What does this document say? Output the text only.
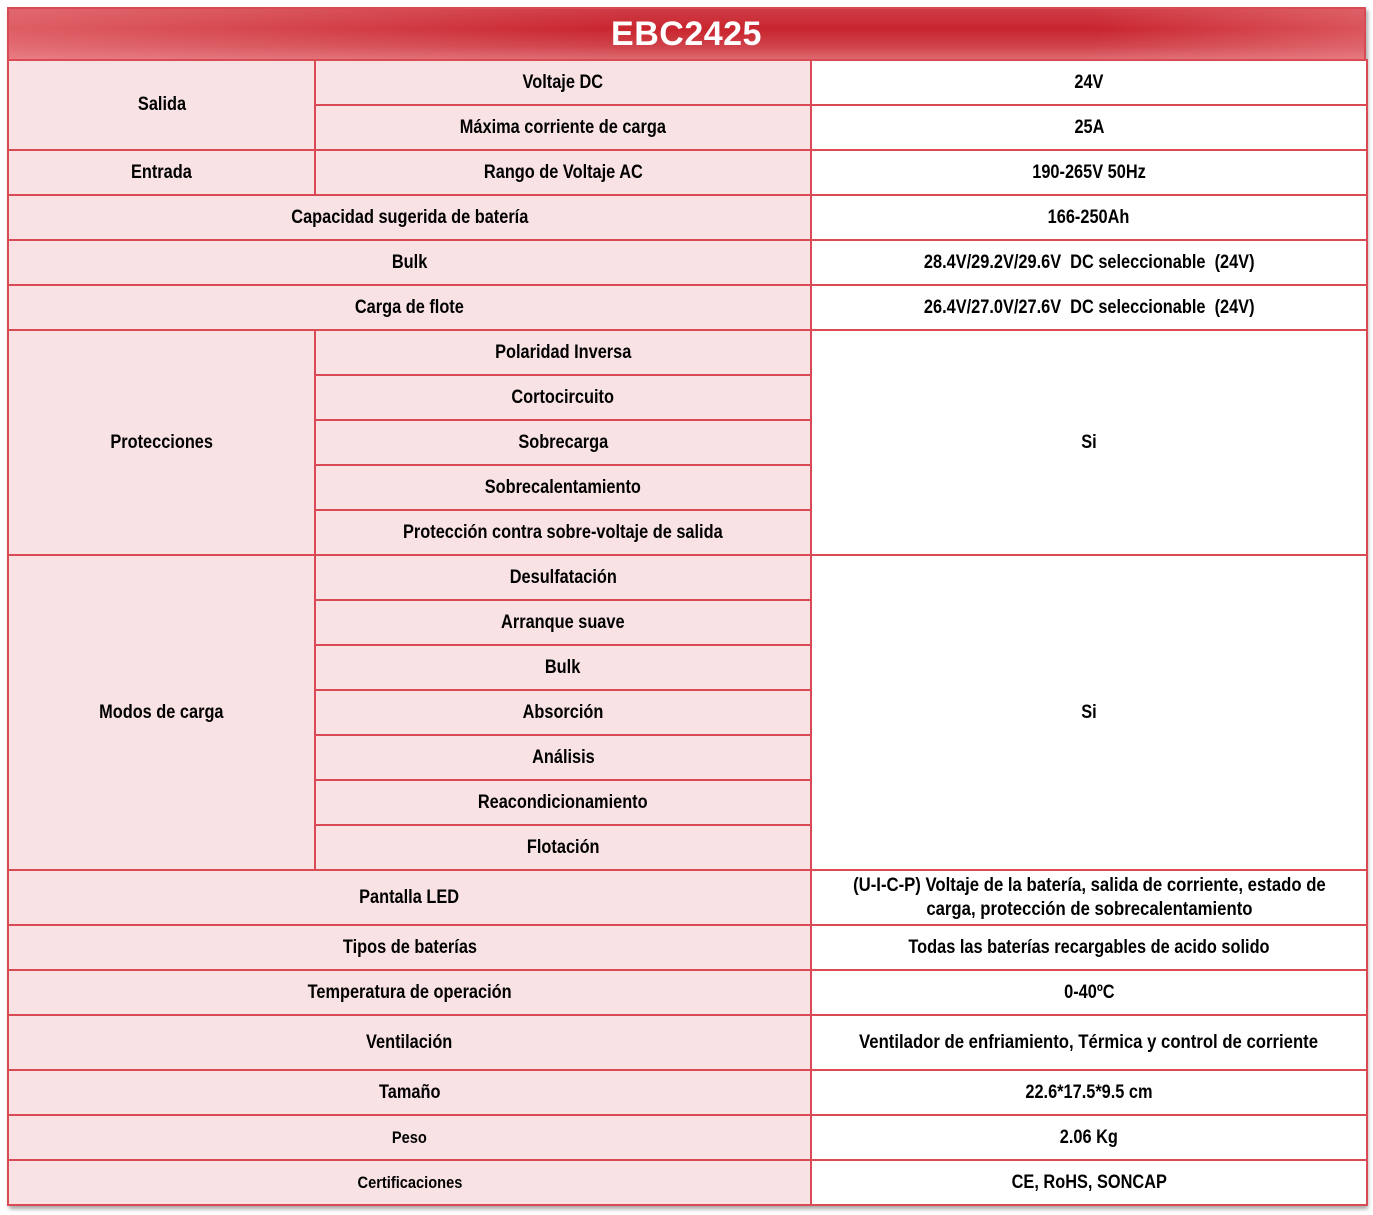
EBC2425
Salida	Voltaje DC	24V
	Máxima corriente de carga	25A
Entrada	Rango de Voltaje AC	190-265V 50Hz
Capacidad sugerida de batería		166-250Ah
Bulk		28.4V/29.2V/29.6V  DC seleccionable  (24V)
Carga de flote		26.4V/27.0V/27.6V  DC seleccionable  (24V)
Protecciones	Polaridad Inversa	Si
	Cortocircuito	
	Sobrecarga	
	Sobrecalentamiento	
	Protección contra sobre-voltaje de salida	
Modos de carga	Desulfatación	Si
	Arranque suave	
	Bulk	
	Absorción	
	Análisis	
	Reacondicionamiento	
	Flotación	
Pantalla LED		(U-I-C-P) Voltaje de la batería, salida de corriente, estado de carga, protección de sobrecalentamiento
Tipos de baterías		Todas las baterías recargables de acido solido
Temperatura de operación		0-40ºC
Ventilación		Ventilador de enfriamiento, Térmica y control de corriente
Tamaño		22.6*17.5*9.5 cm
Peso		2.06 Kg
Certificaciones		CE, RoHS, SONCAP
